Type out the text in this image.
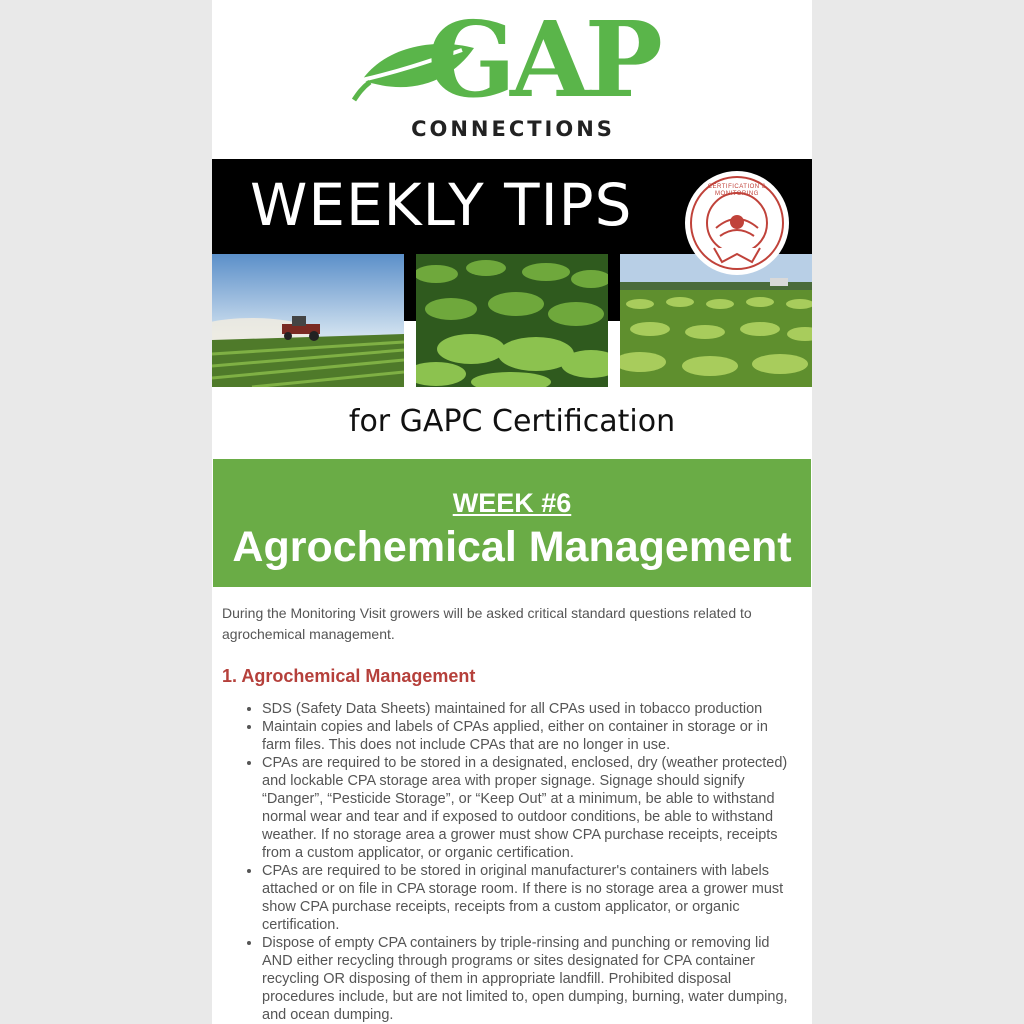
GAP
CONNECTIONS
WEEKLY TIPS	CERTIFICATION & MONITORING
for GAPC Certification
WEEK #6
Agrochemical Management
During the Monitoring Visit growers will be asked critical standard questions related to agrochemical management.
1. Agrochemical Management
• SDS (Safety Data Sheets) maintained for all CPAs used in tobacco production
• Maintain copies and labels of CPAs applied, either on container in storage or in farm files. This does not include CPAs that are no longer in use.
• CPAs are required to be stored in a designated, enclosed, dry (weather protected) and lockable CPA storage area with proper signage. Signage should signify “Danger”, “Pesticide Storage”, or “Keep Out” at a minimum, be able to withstand normal wear and tear and if exposed to outdoor conditions, be able to withstand weather. If no storage area a grower must show CPA purchase receipts, receipts from a custom applicator, or organic certification.
• CPAs are required to be stored in original manufacturer's containers with labels attached or on file in CPA storage room. If there is no storage area a grower must show CPA purchase receipts, receipts from a custom applicator, or organic certification.
• Dispose of empty CPA containers by triple-rinsing and punching or removing lid AND either recycling through programs or sites designated for CPA container recycling OR disposing of them in appropriate landfill. Prohibited disposal procedures include, but are not limited to, open dumping, burning, water dumping, and ocean dumping.
